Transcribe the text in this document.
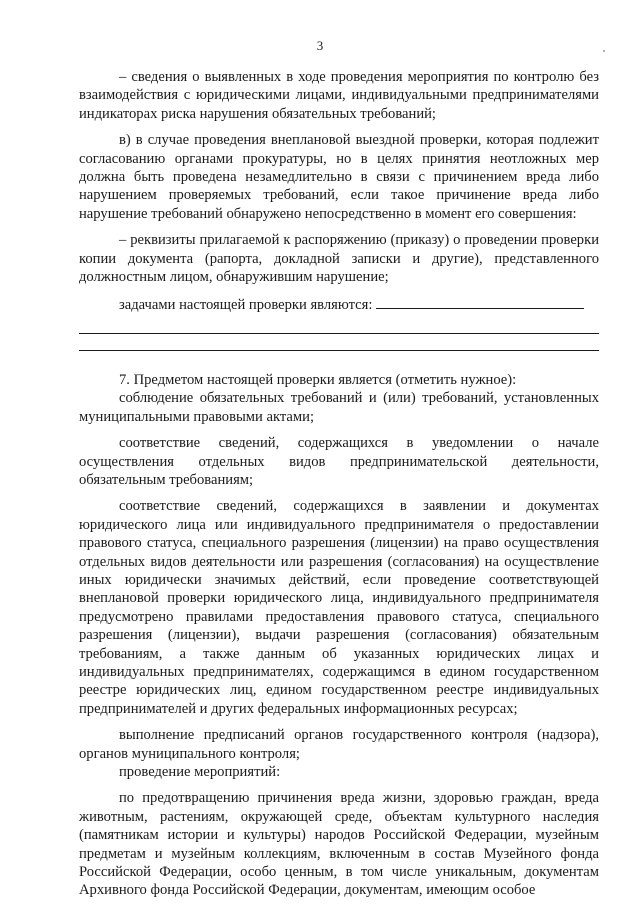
3

– сведения о выявленных в ходе проведения мероприятия по контролю без взаимодействия с юридическими лицами, индивидуальными предпринимателями индикаторах риска нарушения обязательных требований;

в) в случае проведения внеплановой выездной проверки, которая подлежит согласованию органами прокуратуры, но в целях принятия неотложных мер должна быть проведена незамедлительно в связи с причинением вреда либо нарушением проверяемых требований, если такое причинение вреда либо нарушение требований обнаружено непосредственно в момент его совершения:

– реквизиты прилагаемой к распоряжению (приказу) о проведении проверки копии документа (рапорта, докладной записки и другие), представленного должностным лицом, обнаружившим нарушение;

задачами настоящей проверки являются:

7. Предметом настоящей проверки является (отметить нужное):

соблюдение обязательных требований и (или) требований, установленных муниципальными правовыми актами;

соответствие сведений, содержащихся в уведомлении о начале осуществления отдельных видов предпринимательской деятельности, обязательным требованиям;

соответствие сведений, содержащихся в заявлении и документах юридического лица или индивидуального предпринимателя о предоставлении правового статуса, специального разрешения (лицензии) на право осуществления отдельных видов деятельности или разрешения (согласования) на осуществление иных юридически значимых действий, если проведение соответствующей внеплановой проверки юридического лица, индивидуального предпринимателя предусмотрено правилами предоставления правового статуса, специального разрешения (лицензии), выдачи разрешения (согласования) обязательным требованиям, а также данным об указанных юридических лицах и индивидуальных предпринимателях, содержащимся в едином государственном реестре юридических лиц, едином государственном реестре индивидуальных предпринимателей и других федеральных информационных ресурсах;

выполнение предписаний органов государственного контроля (надзора), органов муниципального контроля;

проведение мероприятий:

по предотвращению причинения вреда жизни, здоровью граждан, вреда животным, растениям, окружающей среде, объектам культурного наследия (памятникам истории и культуры) народов Российской Федерации, музейным предметам и музейным коллекциям, включенным в состав Музейного фонда Российской Федерации, особо ценным, в том числе уникальным, документам Архивного фонда Российской Федерации, документам, имеющим особое
